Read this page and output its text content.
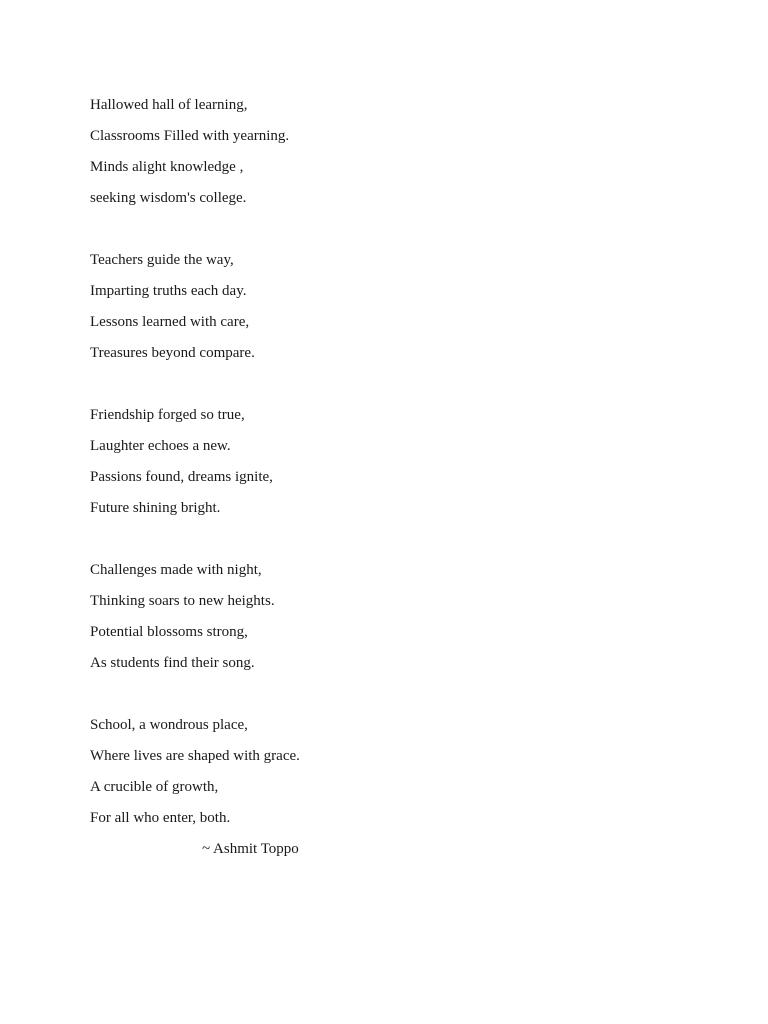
Hallowed hall of learning,
Classrooms Filled with yearning.
Minds alight knowledge ,
seeking wisdom's college.
Teachers guide the way,
Imparting truths each day.
Lessons learned with care,
Treasures beyond compare.
Friendship forged so true,
Laughter echoes a new.
Passions found, dreams ignite,
Future shining bright.
Challenges made with night,
Thinking soars to new heights.
Potential blossoms strong,
As students find their song.
School, a wondrous place,
Where lives are shaped with grace.
A crucible of growth,
For all who enter, both.
~ Ashmit Toppo
